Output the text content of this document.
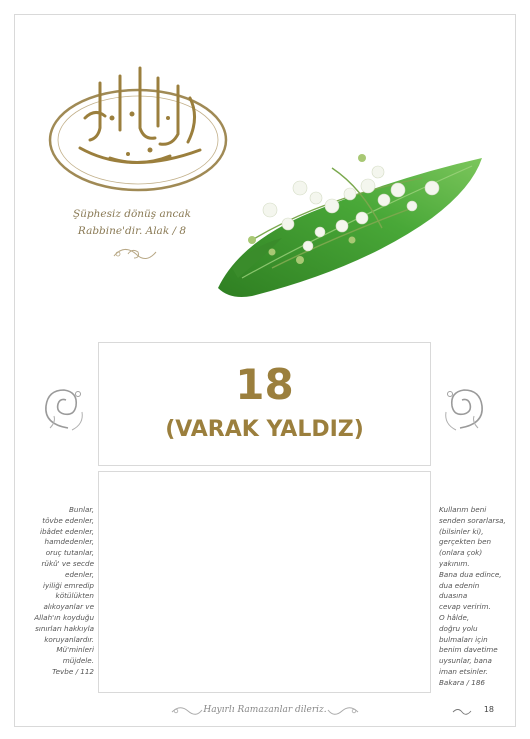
Şüphesiz dönüş ancak
Rabbine'dir. Alak / 8
18
(VARAK YALDIZ)
Bunlar,
tövbe edenler,
ibâdet edenler,
hamdedenler,
oruç tutanlar,
rükû' ve secde
edenler,
iyiliği emredip
kötülükten
alıkoyanlar ve
Allah'ın koyduğu
sınırları hakkıyla
koruyanlardır.
Mü'minleri
müjdele.
Tevbe / 112
Kullarım beni
senden sorarlarsa,
(bilsinler ki),
gerçekten ben
(onlara çok)
yakınım.
Bana dua edince,
dua edenin
duasına
cevap veririm.
O hâlde,
doğru yolu
bulmaları için
benim davetime
uysunlar, bana
iman etsinler.
Bakara / 186
Hayırlı Ramazanlar dileriz.	18
